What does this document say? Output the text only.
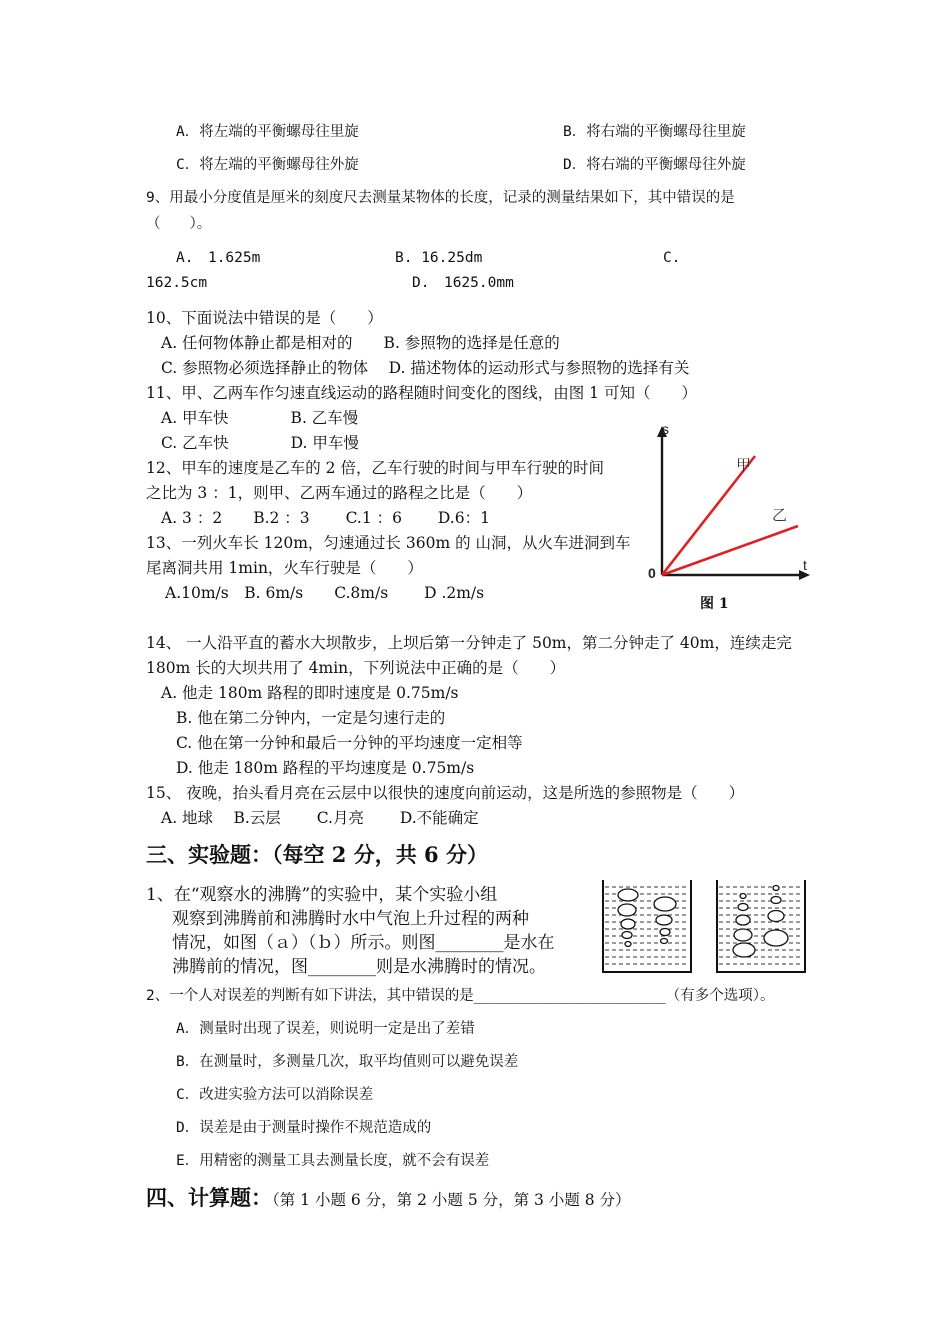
A．将左端的平衡螺母往里旋	B．将右端的平衡螺母往里旋
C．将左端的平衡螺母往外旋	D．将右端的平衡螺母往外旋
9、用最小分度值是厘米的刻度尺去测量某物体的长度，记录的测量结果如下，其中错误的是
（　　）。
A.　1.625m	B. 16.25dm	C.
162.5cm	D.　1625.0mm
10、下面说法中错误的是（　　）
A. 任何物体静止都是相对的　　B. 参照物的选择是任意的
C. 参照物必须选择静止的物体　 D. 描述物体的运动形式与参照物的选择有关
11、甲、乙两车作匀速直线运动的路程随时间变化的图线，由图 1 可知（　　）
A. 甲车快　　　　B. 乙车慢
C. 乙车快　　　　D. 甲车慢
12、甲车的速度是乙车的 2 倍，乙车行驶的时间与甲车行驶的时间
之比为 3 ：1，则甲、乙两车通过的路程之比是（　　）
A. 3 ：2　　B.2 ：3　　 C.1 ：6　　 D.6：1
13、一列火车长 120m，匀速通过长 360m 的 山洞，从火车进洞到车
尾离洞共用 1min，火车行驶是（　　）
A.10m/s　B. 6m/s　　C.8m/s　　 D .2m/s
s
t
0
甲
乙
图 1
14、 一人沿平直的蓄水大坝散步，上坝后第一分钟走了 50m，第二分钟走了 40m，连续走完
180m 长的大坝共用了 4min，下列说法中正确的是（　　）
A. 他走 180m 路程的即时速度是 0.75m/s
B. 他在第二分钟内，一定是匀速行走的
C. 他在第一分钟和最后一分钟的平均速度一定相等
D. 他走 180m 路程的平均速度是 0.75m/s
15、 夜晚，抬头看月亮在云层中以很快的速度向前运动，这是所选的参照物是（　　）
A. 地球　 B.云层　　 C.月亮　　 D.不能确定
三、实验题：（每空 2 分，共 6 分）
1、在“观察水的沸腾”的实验中，某个实验小组
观察到沸腾前和沸腾时水中气泡上升过程的两种
情况，如图（ａ）（ｂ）所示。则图________是水在
沸腾前的情况，图________则是水沸腾时的情况。
2、一个人对误差的判断有如下讲法，其中错误的是______________________（有多个选项）。
A．测量时出现了误差，则说明一定是出了差错
B．在测量时，多测量几次，取平均值则可以避免误差
C．改进实验方法可以消除误差
D．误差是由于测量时操作不规范造成的
E．用精密的测量工具去测量长度，就不会有误差
四、计算题：（第 1 小题 6 分，第 2 小题 5 分，第 3 小题 8 分）
